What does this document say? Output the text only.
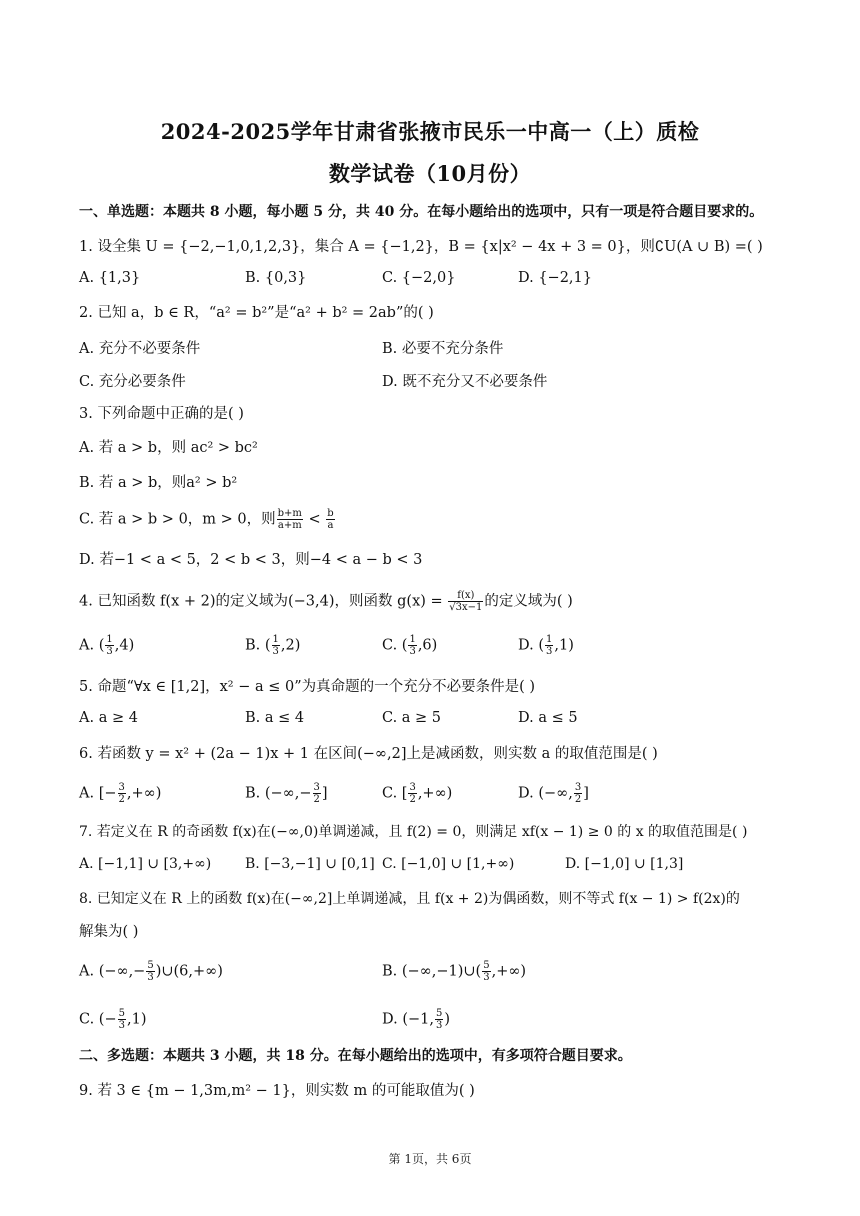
2024-2025学年甘肃省张掖市民乐一中高一（上）质检
数学试卷（10月份）
一、单选题：本题共 8 小题，每小题 5 分，共 40 分。在每小题给出的选项中，只有一项是符合题目要求的。
1. 设全集 U = {−2,−1,0,1,2,3}，集合 A = {−1,2}，B = {x|x² − 4x + 3 = 0}，则∁U(A ∪ B) =( )
A. {1,3}	B. {0,3}	C. {−2,0}	D. {−2,1}
2. 已知 a，b ∈ R，“a² = b²”是“a² + b² = 2ab”的( )
A. 充分不必要条件	B. 必要不充分条件
C. 充分必要条件	D. 既不充分又不必要条件
3. 下列命题中正确的是( )
A. 若 a > b，则 ac² > bc²
B. 若 a > b，则a² > b²
C. 若 a > b > 0，m > 0，则 $\frac{b+m}{a+m} < \frac{b}{a}$
D. 若−1 < a < 5，2 < b < 3，则−4 < a − b < 3
4. 已知函数 f(x + 2)的定义域为(−3,4)，则函数 $g(x) = \frac{f(x)}{√3x-1}$ 的定义域为( )
A. ( $\frac{1}{3} ,4$)	B. ( $\frac{1}{3} ,2$)	C. ( $\frac{1}{3} ,6$)	D. ( $\frac{1}{3} ,1$)
5. 命题“∀x ∈ [1,2]，x² − a ≤ 0”为真命题的一个充分不必要条件是( )
A. a ≥ 4	B. a ≤ 4	C. a ≥ 5	D. a ≤ 5
6. 若函数 y = x² + (2a − 1)x + 1 在区间(−∞,2]上是减函数，则实数 a 的取值范围是( )
A. [− $\frac{3}{2}$ ,+∞)	B. (−∞,− $\frac{3}{2}$ ]	C. [ $\frac{3}{2}$ ,+∞)	D. (−∞, $\frac{3}{2}$ ]
7. 若定义在 R 的奇函数 f(x)在(−∞,0)单调递减，且 f(2) = 0，则满足 xf(x − 1) ≥ 0 的 x 的取值范围是( )
A. [−1,1] ∪ [3,+∞) B. [−3,−1] ∪ [0,1] C. [−1,0] ∪ [1,+∞)	D. [−1,0] ∪ [1,3]
8. 已知定义在 R 上的函数 f(x)在(−∞,2]上单调递减，且 f(x + 2)为偶函数，则不等式 f(x − 1) > f(2x)的
解集为( )
A. (−∞,− $\frac{5}{3}$ )∪(6,+∞)	B. (−∞,−1)∪( $\frac{5}{3}$ ,+∞)
C. (− $\frac{5}{3} ,1$)	D. (−1, $\frac{5}{3}$ )
二、多选题：本题共 3 小题，共 18 分。在每小题给出的选项中，有多项符合题目要求。
9. 若 3 ∈ {m − 1,3m,m² − 1}，则实数 m 的可能取值为( )
第 1页，共 6页
